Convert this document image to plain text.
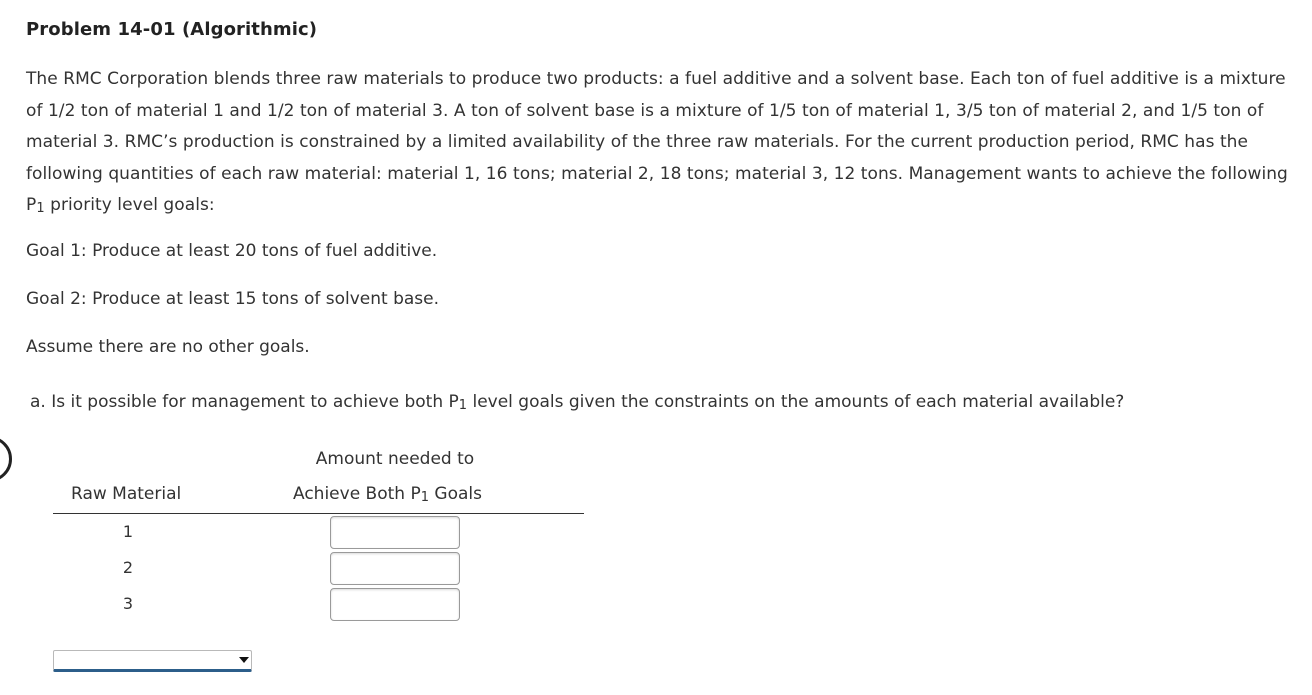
Problem 14-01 (Algorithmic)
The RMC Corporation blends three raw materials to produce two products: a fuel additive and a solvent base. Each ton of fuel additive is a mixture of 1/2 ton of material 1 and 1/2 ton of material 3. A ton of solvent base is a mixture of 1/5 ton of material 1, 3/5 ton of material 2, and 1/5 ton of material 3. RMC’s production is constrained by a limited availability of the three raw materials. For the current production period, RMC has the following quantities of each raw material: material 1, 16 tons; material 2, 18 tons; material 3, 12 tons. Management wants to achieve the following $P_1$ priority level goals:
Goal 1: Produce at least 20 tons of fuel additive.
Goal 2: Produce at least 15 tons of solvent base.
Assume there are no other goals.
a. Is it possible for management to achieve both $P_1$ level goals given the constraints on the amounts of each material available?
Amount needed to
Raw Material	Achieve Both $P_1$ Goals
1
2
3
